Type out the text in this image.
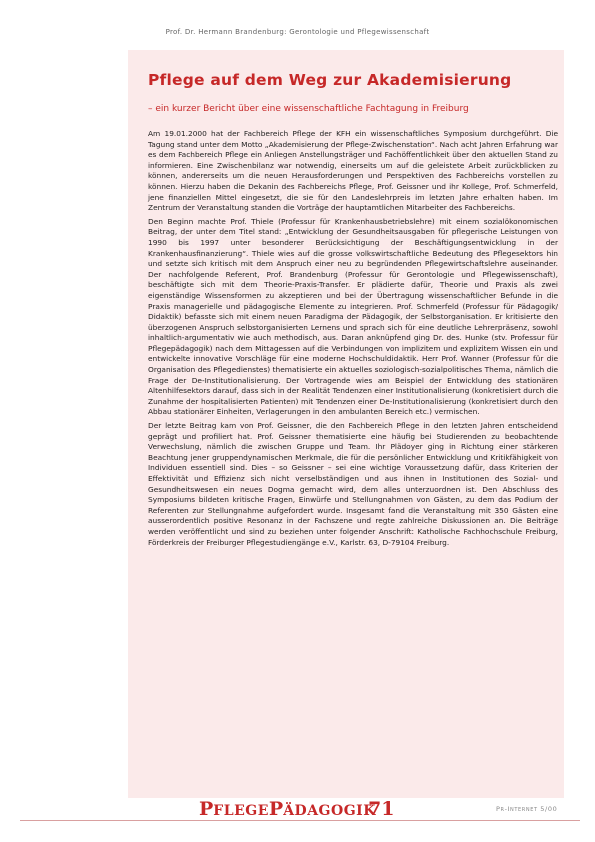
Prof. Dr. Hermann Brandenburg: Gerontologie und Pflegewissenschaft
Pflege auf dem Weg zur Akademisierung

– ein kurzer Bericht über eine wissenschaftliche Fachtagung in Freiburg

Am 19.01.2000 hat der Fachbereich Pflege der KFH ein wissenschaftliches Symposium durchgeführt. Die Tagung stand unter dem Motto „Akademisierung der Pflege-Zwischenstation“. Nach acht Jahren Erfahrung war es dem Fachbereich Pflege ein Anliegen Anstellungsträger und Fachöffentlichkeit über den aktuellen Stand zu informieren. Eine Zwischenbilanz war notwendig, einerseits um auf die geleistete Arbeit zurückblicken zu können, andererseits um die neuen Herausforderungen und Perspektiven des Fachbereichs vorstellen zu können. Hierzu haben die Dekanin des Fachbereichs Pflege, Prof. Geissner und ihr Kollege, Prof. Schmerfeld, jene finanziellen Mittel eingesetzt, die sie für den Landeslehrpreis im letzten Jahre erhalten haben. Im Zentrum der Veranstaltung standen die Vorträge der hauptamtlichen Mitarbeiter des Fachbereichs.

Den Beginn machte Prof. Thiele (Professur für Krankenhausbetriebslehre) mit einem sozialökonomischen Beitrag, der unter dem Titel stand: „Entwicklung der Gesundheitsausgaben für pflegerische Leistungen von 1990 bis 1997 unter besonderer Berücksichtigung der Beschäftigungsentwicklung in der Krankenhausfinanzierung“. Thiele wies auf die grosse volkswirtschaftliche Bedeutung des Pflegesektors hin und setzte sich kritisch mit dem Anspruch einer neu zu begründenden Pflegewirtschaftslehre auseinander. Der nachfolgende Referent, Prof. Brandenburg (Professur für Gerontologie und Pflegewissenschaft), beschäftigte sich mit dem Theorie-Praxis-Transfer. Er plädierte dafür, Theorie und Praxis als zwei eigenständige Wissensformen zu akzeptieren und bei der Übertragung wissenschaftlicher Befunde in die Praxis managerielle und pädagogische Elemente zu integrieren. Prof. Schmerfeld (Professur für Pädagogik/ Didaktik) befasste sich mit einem neuen Paradigma der Pädagogik, der Selbstorganisation. Er kritisierte den überzogenen Anspruch selbstorganisierten Lernens und sprach sich für eine deutliche Lehrerpräsenz, sowohl inhaltlich-argumentativ wie auch methodisch, aus. Daran anknüpfend ging Dr. des. Hunke (stv. Professur für Pflegepädagogik) nach dem Mittagessen auf die Verbindungen von implizitem und explizitem Wissen ein und entwickelte innovative Vorschläge für eine moderne Hochschuldidaktik. Herr Prof. Wanner (Professur für die Organisation des Pflegedienstes) thematisierte ein aktuelles soziologisch-sozialpolitisches Thema, nämlich die Frage der De-Institutionalisierung. Der Vortragende wies am Beispiel der Entwicklung des stationären Altenhilfesektors darauf, dass sich in der Realität Tendenzen einer Institutionalisierung (konkretisiert durch die Zunahme der hospitalisierten Patienten) mit Tendenzen einer De-Institutionalisierung (konkretisiert durch den Abbau stationärer Einheiten, Verlagerungen in den ambulanten Bereich etc.) vermischen.

Der letzte Beitrag kam von Prof. Geissner, die den Fachbereich Pflege in den letzten Jahren entscheidend geprägt und profiliert hat. Prof. Geissner thematisierte eine häufig bei Studierenden zu beobachtende Verwechslung, nämlich die zwischen Gruppe und Team. Ihr Plädoyer ging in Richtung einer stärkeren Beachtung jener gruppendynamischen Merkmale, die für die persönlicher Entwicklung und Kritikfähigkeit von Individuen essentiell sind. Dies – so Geissner – sei eine wichtige Voraussetzung dafür, dass Kriterien der Effektivität und Effizienz sich nicht verselbständigen und aus ihnen in Institutionen des Sozial- und Gesundheitswesen ein neues Dogma gemacht wird, dem alles unterzuordnen ist. Den Abschluss des Symposiums bildeten kritische Fragen, Einwürfe und Stellungnahmen von Gästen, zu dem das Podium der Referenten zur Stellungnahme aufgefordert wurde. Insgesamt fand die Veranstaltung mit 350 Gästen eine ausserordentlich positive Resonanz in der Fachszene und regte zahlreiche Diskussionen an. Die Beiträge werden veröffentlicht und sind zu beziehen unter folgender Anschrift: Katholische Fachhochschule Freiburg, Förderkreis der Freiburger Pflegestudiengänge e.V., Karlstr. 63, D-79104 Freiburg.

PFLEGEPÄDAGOGIK
71	Pr-Internet 5/00
